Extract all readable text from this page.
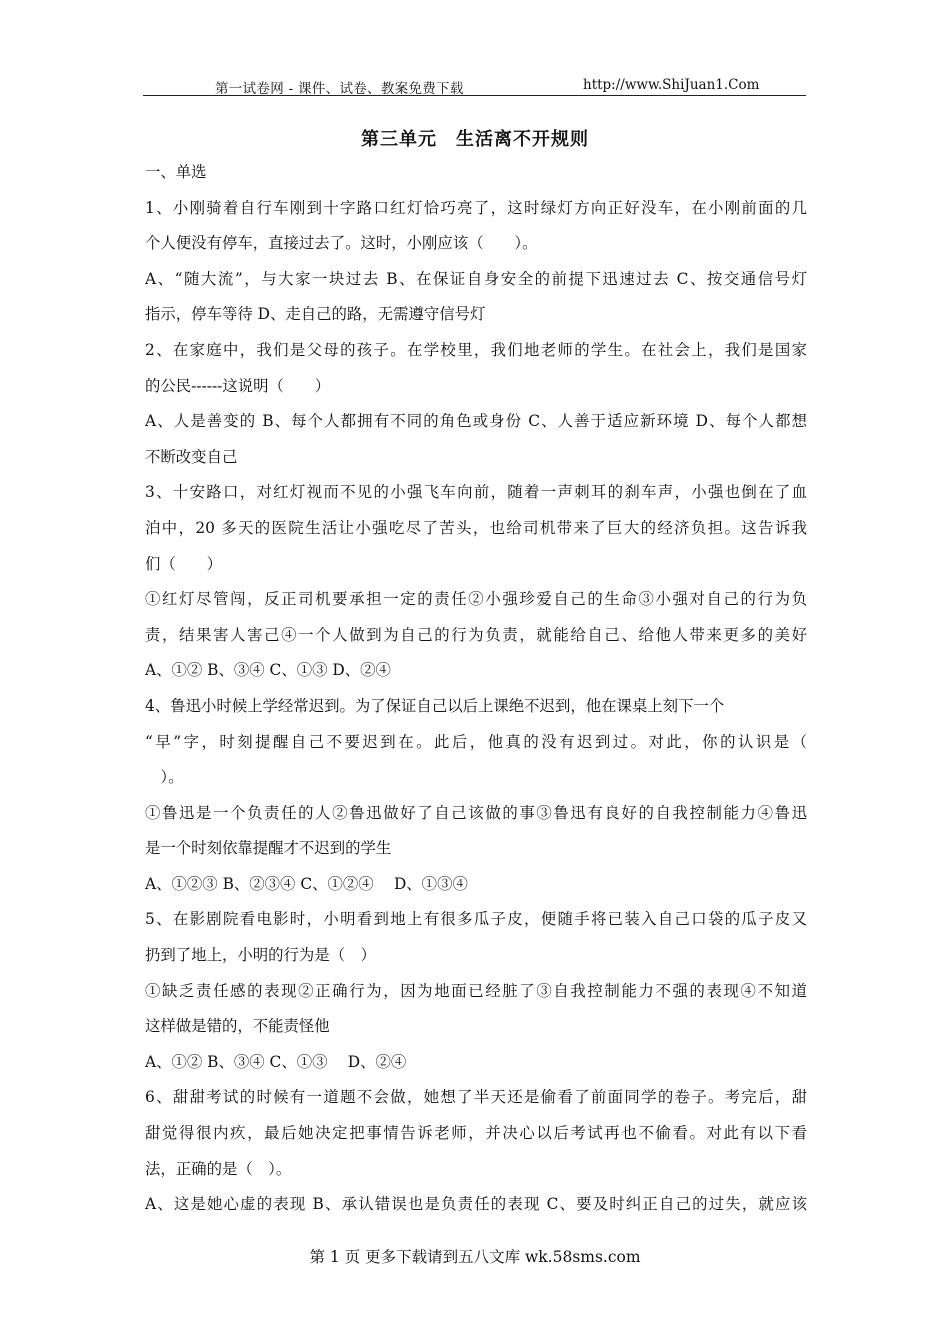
第一试卷网 - 课件、试卷、教案免费下载	http://www.ShiJuan1.Com
第三单元　生活离不开规则
一、单选
1、小刚骑着自行车刚到十字路口红灯恰巧亮了，这时绿灯方向正好没车，在小刚前面的几
个人便没有停车，直接过去了。这时，小刚应该（　　）。
A、“随大流”，与大家一块过去 B、在保证自身安全的前提下迅速过去 C、按交通信号灯
指示，停车等待 D、走自己的路，无需遵守信号灯
2、在家庭中，我们是父母的孩子。在学校里，我们地老师的学生。在社会上，我们是国家
的公民------这说明（　　）
A、人是善变的 B、每个人都拥有不同的角色或身份 C、人善于适应新环境 D、每个人都想
不断改变自己
3、十安路口，对红灯视而不见的小强飞车向前，随着一声刺耳的刹车声，小强也倒在了血
泊中，20 多天的医院生活让小强吃尽了苦头，也给司机带来了巨大的经济负担。这告诉我
们（　　）
①红灯尽管闯，反正司机要承担一定的责任②小强珍爱自己的生命③小强对自己的行为负
责，结果害人害己④一个人做到为自己的行为负责，就能给自己、给他人带来更多的美好
A、①② B、③④ C、①③ D、②④
4、鲁迅小时候上学经常迟到。为了保证自己以后上课绝不迟到，他在课桌上刻下一个
“早”字，时刻提醒自己不要迟到在。此后，他真的没有迟到过。对此，你的认识是（
　）。
①鲁迅是一个负责任的人②鲁迅做好了自己该做的事③鲁迅有良好的自我控制能力④鲁迅
是一个时刻依靠提醒才不迟到的学生
A、①②③ B、②③④ C、①②④　 D、①③④
5、在影剧院看电影时，小明看到地上有很多瓜子皮，便随手将已装入自己口袋的瓜子皮又
扔到了地上，小明的行为是（　）
①缺乏责任感的表现②正确行为，因为地面已经脏了③自我控制能力不强的表现④不知道
这样做是错的，不能责怪他
A、①② B、③④ C、①③　 D、②④
6、甜甜考试的时候有一道题不会做，她想了半天还是偷看了前面同学的卷子。考完后，甜
甜觉得很内疚，最后她决定把事情告诉老师，并决心以后考试再也不偷看。对此有以下看
法，正确的是（　）。
A、这是她心虚的表现 B、承认错误也是负责任的表现 C、要及时纠正自己的过失，就应该
第 1 页 更多下载请到五八文库 wk.58sms.com
